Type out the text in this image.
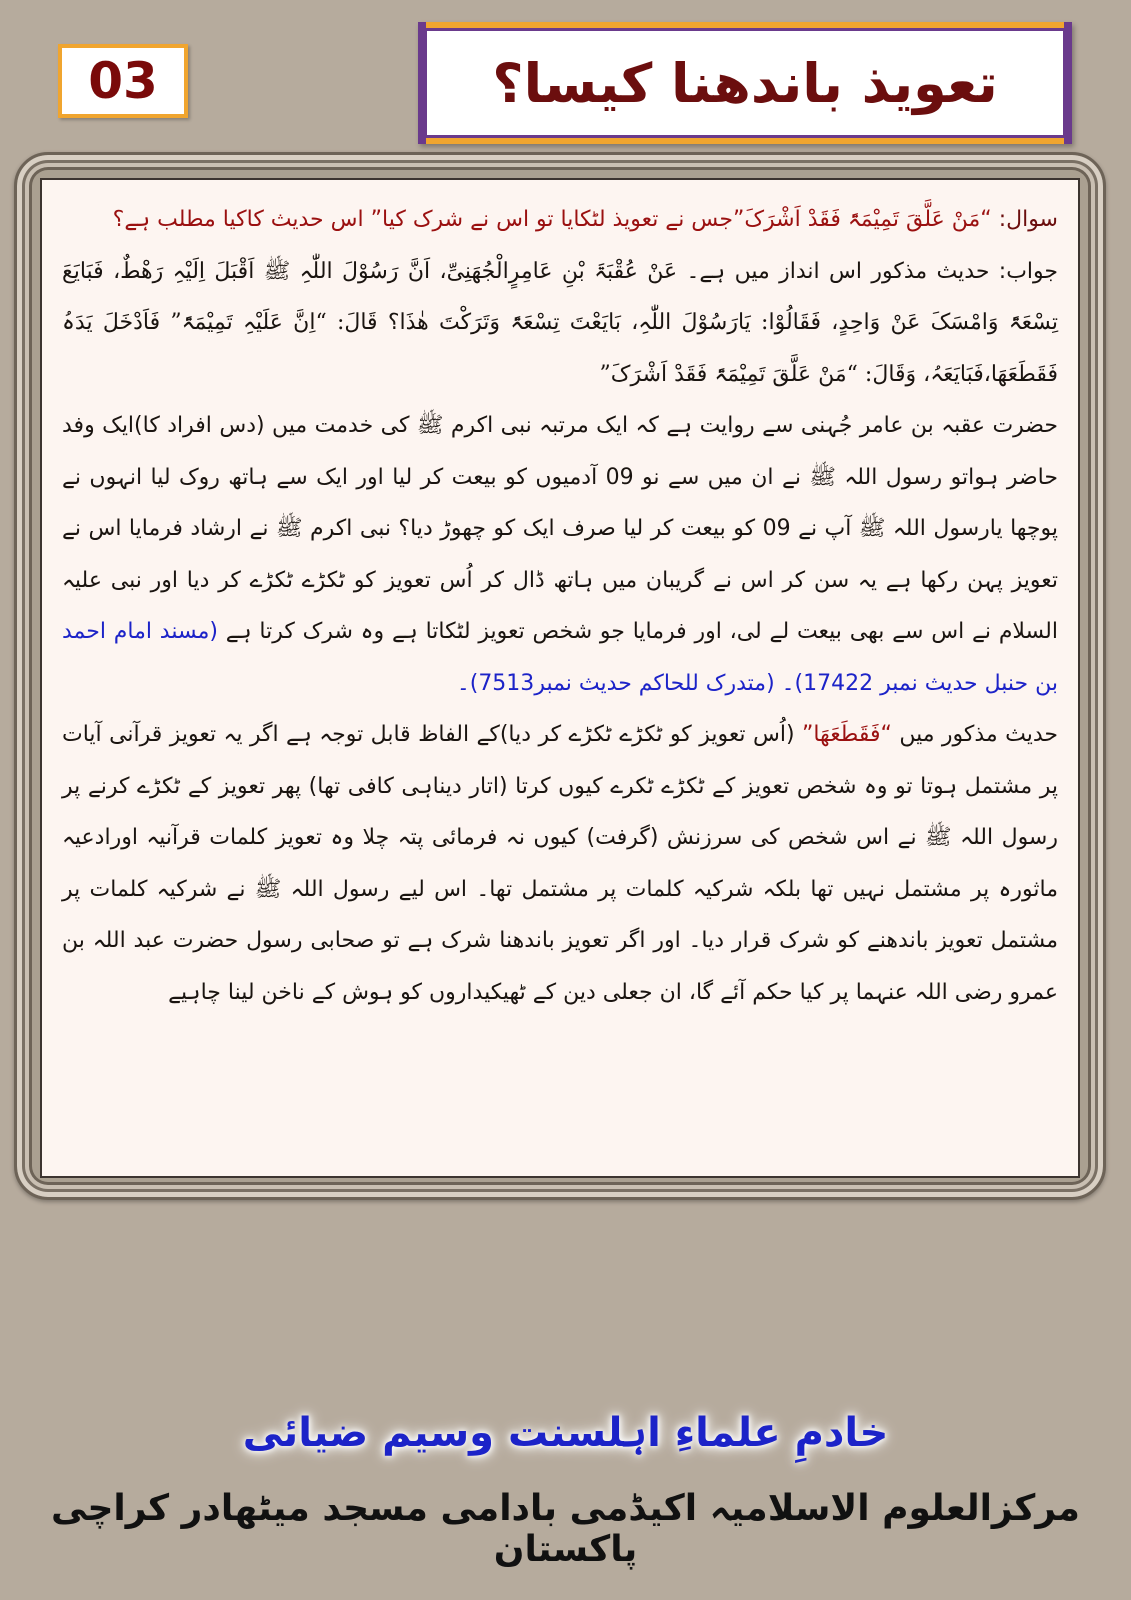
03	تعویذ باندھنا کیسا؟

سوال: “مَنْ عَلَّقَ تَمِیْمَۃً فَقَدْ اَشْرَکَ”جس نے تعویذ لٹکایا تو اس نے شرک کیا” اس حدیث کاکیا مطلب ہے؟

جواب: حدیث مذکور اس انداز میں ہے۔ عَنْ عُقْبَۃَ بْنِ عَامِرٍالْجُھَنِیِّ، اَنَّ رَسُوْلَ اللّٰہِ ﷺ اَقْبَلَ اِلَیْہِ رَھْطٌ، فَبَایَعَ تِسْعَۃً وَامْسَکَ عَنْ وَاحِدٍ، فَقَالُوْا: یَارَسُوْلَ اللّٰہِ، بَایَعْتَ تِسْعَۃً وَتَرَکْتَ ھٰذَا؟ قَالَ: “اِنَّ عَلَیْہِ تَمِیْمَۃً” فَاَدْخَلَ یَدَہُ فَقَطَعَھَا،فَبَایَعَہُ، وَقَالَ: “مَنْ عَلَّقَ تَمِیْمَۃً فَقَدْ اَشْرَکَ”

حضرت عقبہ بن عامر جُہنی سے روایت ہے کہ ایک مرتبہ نبی اکرم ﷺ کی خدمت میں (دس افراد کا)ایک وفد حاضر ہواتو رسول اللہ ﷺ نے ان میں سے نو 09 آدمیوں کو بیعت کر لیا اور ایک سے ہاتھ روک لیا انہوں نے پوچھا یارسول اللہ ﷺ آپ نے 09 کو بیعت کر لیا صرف ایک کو چھوڑ دیا؟ نبی اکرم ﷺ نے ارشاد فرمایا اس نے تعویز پہن رکھا ہے یہ سن کر اس نے گریبان میں ہاتھ ڈال کر اُس تعویز کو ٹکڑے ٹکڑے کر دیا اور نبی علیہ السلام نے اس سے بھی بیعت لے لی، اور فرمایا جو شخص تعویز لٹکاتا ہے وہ شرک کرتا ہے (مسند امام احمد بن حنبل حدیث نمبر 17422)۔ (متدرک للحاکم حدیث نمبر7513)۔

حدیث مذکور میں “فَقَطَعَھَا” (اُس تعویز کو ٹکڑے ٹکڑے کر دیا)کے الفاظ قابل توجہ ہے اگر یہ تعویز قرآنی آیات پر مشتمل ہوتا تو وہ شخص تعویز کے ٹکڑے ٹکرے کیوں کرتا (اتار دیناہی کافی تھا) پھر تعویز کے ٹکڑے کرنے پر رسول اللہ ﷺ نے اس شخص کی سرزنش (گرفت) کیوں نہ فرمائی پتہ چلا وہ تعویز کلمات قرآنیہ اورادعیہ ماثورہ پر مشتمل نہیں تھا بلکہ شرکیہ کلمات پر مشتمل تھا۔ اس لیے رسول اللہ ﷺ نے شرکیہ کلمات پر مشتمل تعویز باندھنے کو شرک قرار دیا۔ اور اگر تعویز باندھنا شرک ہے تو صحابی رسول حضرت عبد اللہ بن عمرو رضی اللہ عنہما پر کیا حکم آئے گا، ان جعلی دین کے ٹھیکیداروں کو ہوش کے ناخن لینا چاہیے

خادمِ علماءِ اہلسنت وسیم ضیائی
مرکزالعلوم الاسلامیہ اکیڈمی بادامی مسجد میٹھادر کراچی پاکستان
